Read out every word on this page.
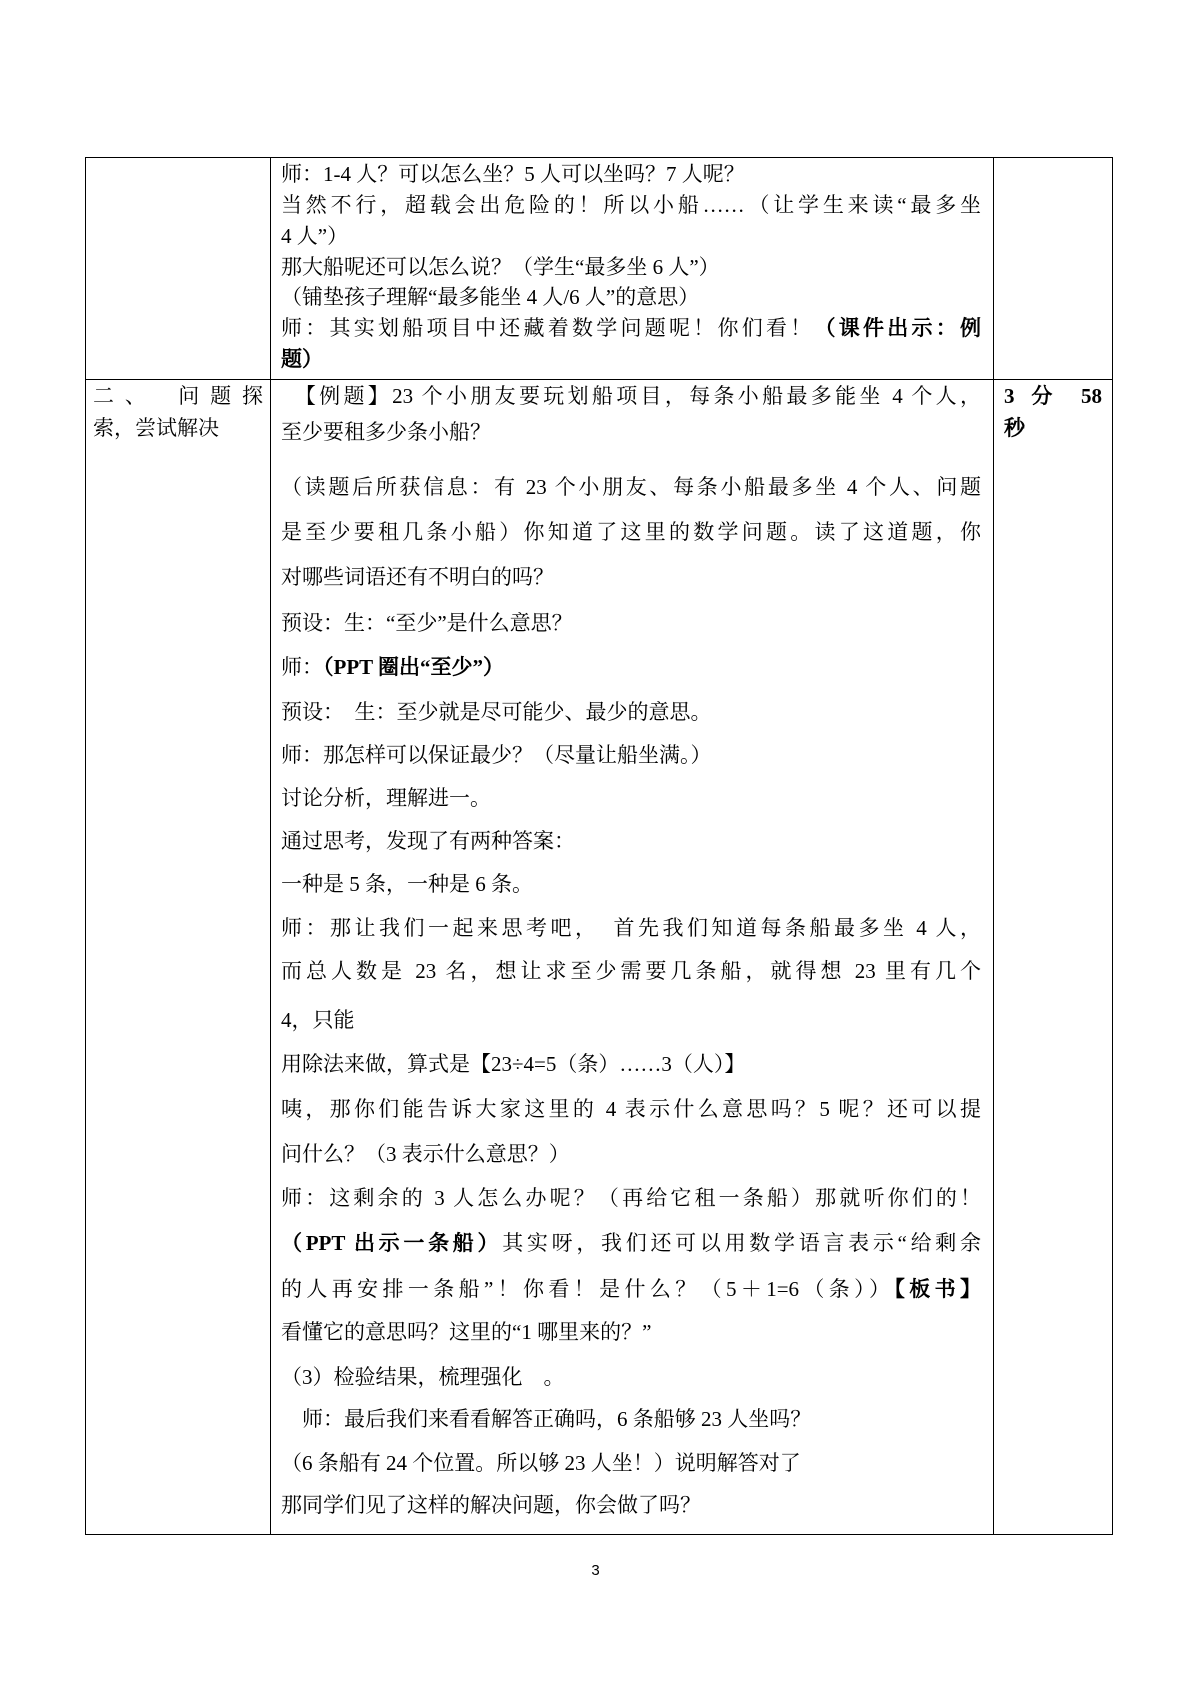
师：1-4 人？可以怎么坐？5 人可以坐吗？7 人呢？
当然不行，超载会出危险的！所以小船……（让学生来读“最多坐
4 人”）
那大船呢还可以怎么说？（学生“最多坐 6 人”）
（铺垫孩子理解“最多能坐 4 人/6 人”的意思）
师：其实划船项目中还藏着数学问题呢！你们看！（课件出示：例
题）
二、　问题探
索，尝试解决
　【例题】23 个小朋友要玩划船项目，每条小船最多能坐 4 个人，
至少要租多少条小船？
（读题后所获信息：有 23 个小朋友、每条小船最多坐 4 个人、问题
是至少要租几条小船）你知道了这里的数学问题。读了这道题，你
对哪些词语还有不明白的吗？
预设：生：“至少”是什么意思？
师：（PPT 圈出“至少”）
预设：　生：至少就是尽可能少、最少的意思。
师：那怎样可以保证最少？（尽量让船坐满。）
讨论分析，理解进一。
通过思考，发现了有两种答案：
一种是 5 条，一种是 6 条。
师：那让我们一起来思考吧，　首先我们知道每条船最多坐 4 人，
而总人数是 23 名，想让求至少需要几条船，就得想 23 里有几个
4，只能
用除法来做，算式是【23÷4=5（条）……3（人）】
咦，那你们能告诉大家这里的 4 表示什么意思吗？5 呢？还可以提
问什么？（3 表示什么意思？）
师：这剩余的 3 人怎么办呢？（再给它租一条船）那就听你们的！
（PPT 出示一条船）其实呀，我们还可以用数学语言表示“给剩余
的人再安排一条船”！你看！是什么？（5＋1=6（条））【板书】
看懂它的意思吗？这里的“1 哪里来的？”
（3）检验结果，梳理强化　。
　师：最后我们来看看解答正确吗，6 条船够 23 人坐吗？
（6 条船有 24 个位置。所以够 23 人坐！）说明解答对了
那同学们见了这样的解决问题，你会做了吗？
3 分 58
秒
3
